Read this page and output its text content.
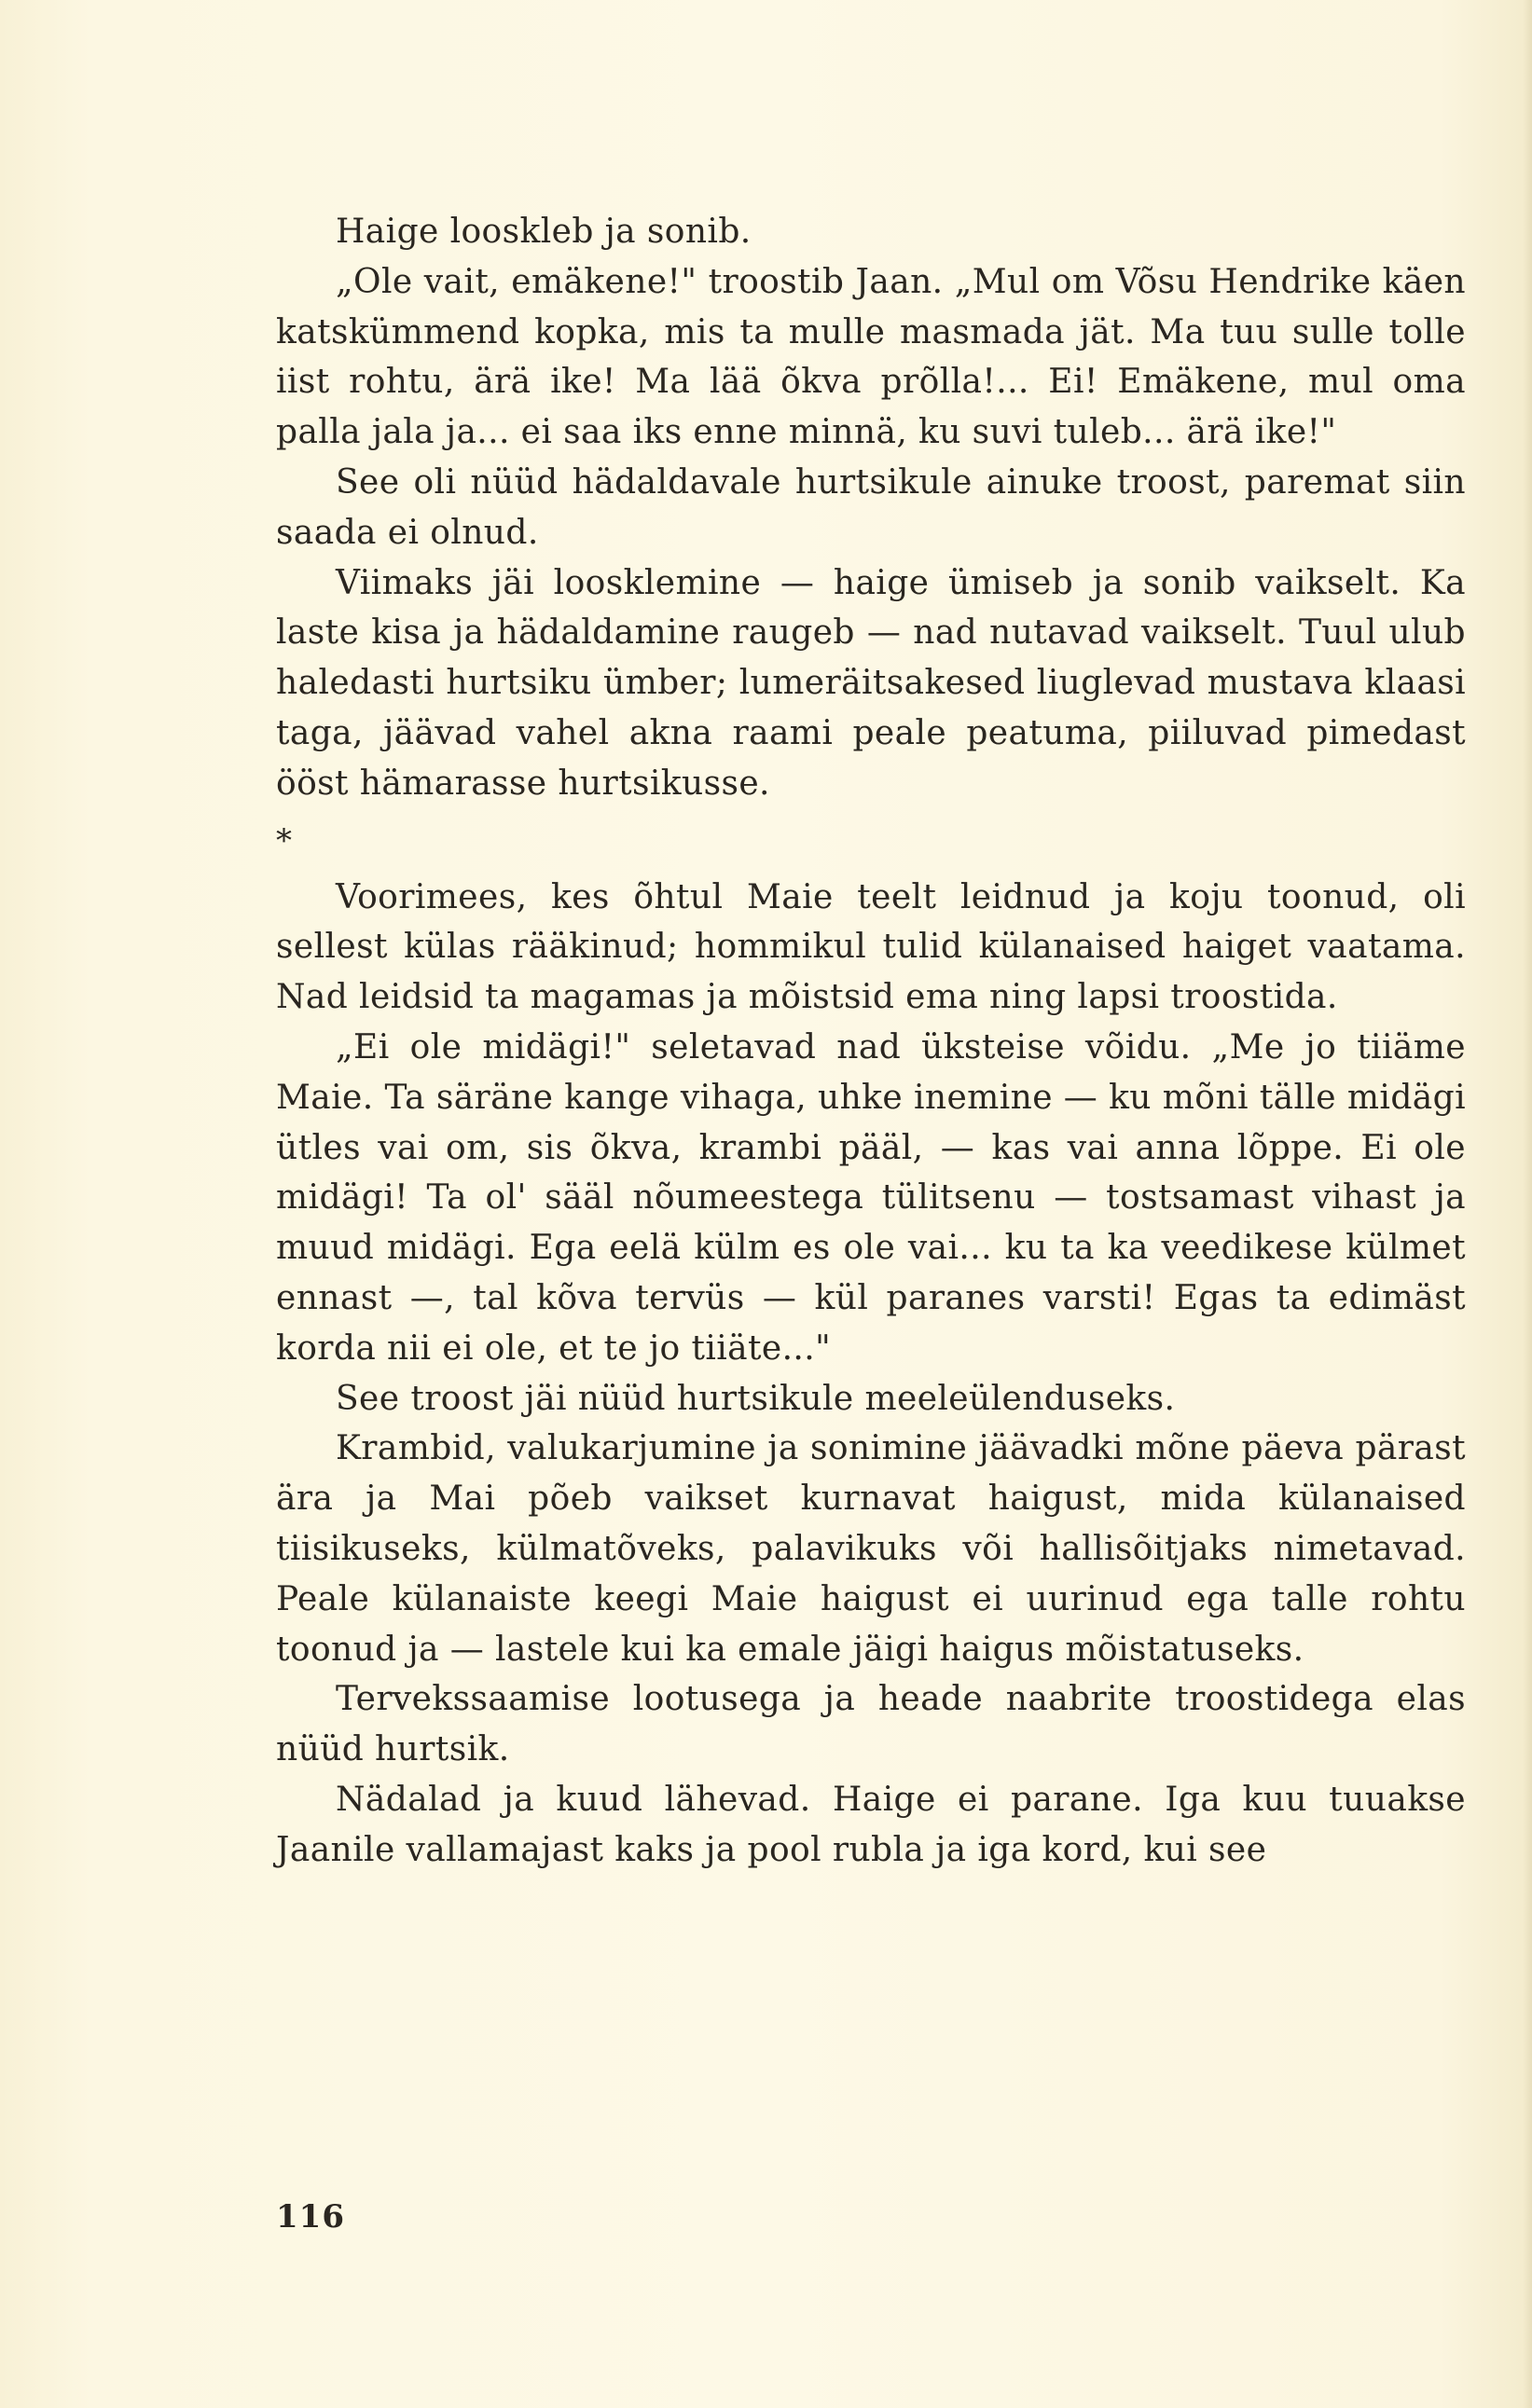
Haige looskleb ja sonib.

„Ole vait, emäkene!" troostib Jaan. „Mul om Võsu Hendrike käen katskümmend kopka, mis ta mulle masmada jät. Ma tuu sulle tolle iist rohtu, ärä ike! Ma lää õkva prõlla!... Ei! Emäkene, mul oma palla jala ja... ei saa iks enne minnä, ku suvi tuleb... ärä ike!"

See oli nüüd hädaldavale hurtsikule ainuke troost, paremat siin saada ei olnud.

Viimaks jäi loosklemine — haige ümiseb ja sonib vaikselt. Ka laste kisa ja hädaldamine raugeb — nad nutavad vaikselt. Tuul ulub haledasti hurtsiku ümber; lumeräitsakesed liuglevad mustava klaasi taga, jäävad vahel akna raami peale peatuma, piiluvad pimedast ööst hämarasse hurtsikusse.

*

Voorimees, kes õhtul Maie teelt leidnud ja koju toonud, oli sellest külas rääkinud; hommikul tulid külanaised haiget vaatama. Nad leidsid ta magamas ja mõistsid ema ning lapsi troostida.

„Ei ole midägi!" seletavad nad üksteise võidu. „Me jo tiiäme Maie. Ta säräne kange vihaga, uhke inemine — ku mõni tälle midägi ütles vai om, sis õkva, krambi pääl, — kas vai anna lõppe. Ei ole midägi! Ta ol' sääl nõumeestega tülitsenu — tostsamast vihast ja muud midägi. Ega eelä külm es ole vai... ku ta ka veedikese külmet ennast —, tal kõva tervüs — kül paranes varsti! Egas ta edimäst korda nii ei ole, et te jo tiiäte..."

See troost jäi nüüd hurtsikule meeleülenduseks.

Krambid, valukarjumine ja sonimine jäävadki mõne päeva pärast ära ja Mai põeb vaikset kurnavat haigust, mida külanaised tiisikuseks, külmatõveks, palavikuks või hallisõitjaks nimetavad. Peale külanaiste keegi Maie haigust ei uurinud ega talle rohtu toonud ja — lastele kui ka emale jäigi haigus mõistatuseks.

Tervekssaamise lootusega ja heade naabrite troostidega elas nüüd hurtsik.

Nädalad ja kuud lähevad. Haige ei parane. Iga kuu tuuakse Jaanile vallamajast kaks ja pool rubla ja iga kord, kui see

116
